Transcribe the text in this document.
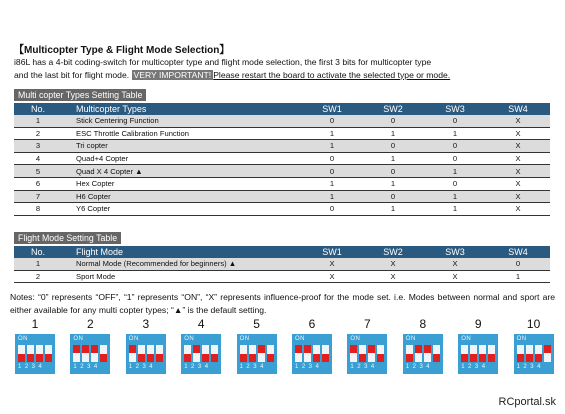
【Multicopter Type & Flight Mode Selection】
i86L has a 4-bit coding-switch for multicopter type and flight mode selection, the first 3 bits for multicopter type
and the last bit for flight mode. VERY IMPORTANT! Please restart the board to activate the selected type or mode.
Multi copter Types Setting Table
No.	Multicopter Types	SW1	SW2	SW3	SW4
1	Stick Centering Function	0	0	0	X
2	ESC Throttle Calibration Function	1	1	1	X
3	Tri copter	1	0	0	X
4	Quad+4 Copter	0	1	0	X
5	Quad X 4 Copter ▲	0	0	1	X
6	Hex Copter	1	1	0	X
7	H6 Copter	1	0	1	X
8	Y6 Copter	0	1	1	X
Flight Mode Setting Table
No.	Flight Mode	SW1	SW2	SW3	SW4
1	Normal Mode (Recommended for beginners) ▲	X	X	X	0
2	Sport Mode	X	X	X	1
Notes: “0” represents “OFF”, “1” represents “ON”, “X” represents influence-proof for the mode set. i.e. Modes between normal and sport are either available for any multi copter types; “▲” is the default setting.
1
ON
1234
2
ON
1234
3
ON
1234
4
ON
1234
5
ON
1234
6
ON
1234
7
ON
1234
8
ON
1234
9
ON
1234
10
ON
1234
RCportal.sk
